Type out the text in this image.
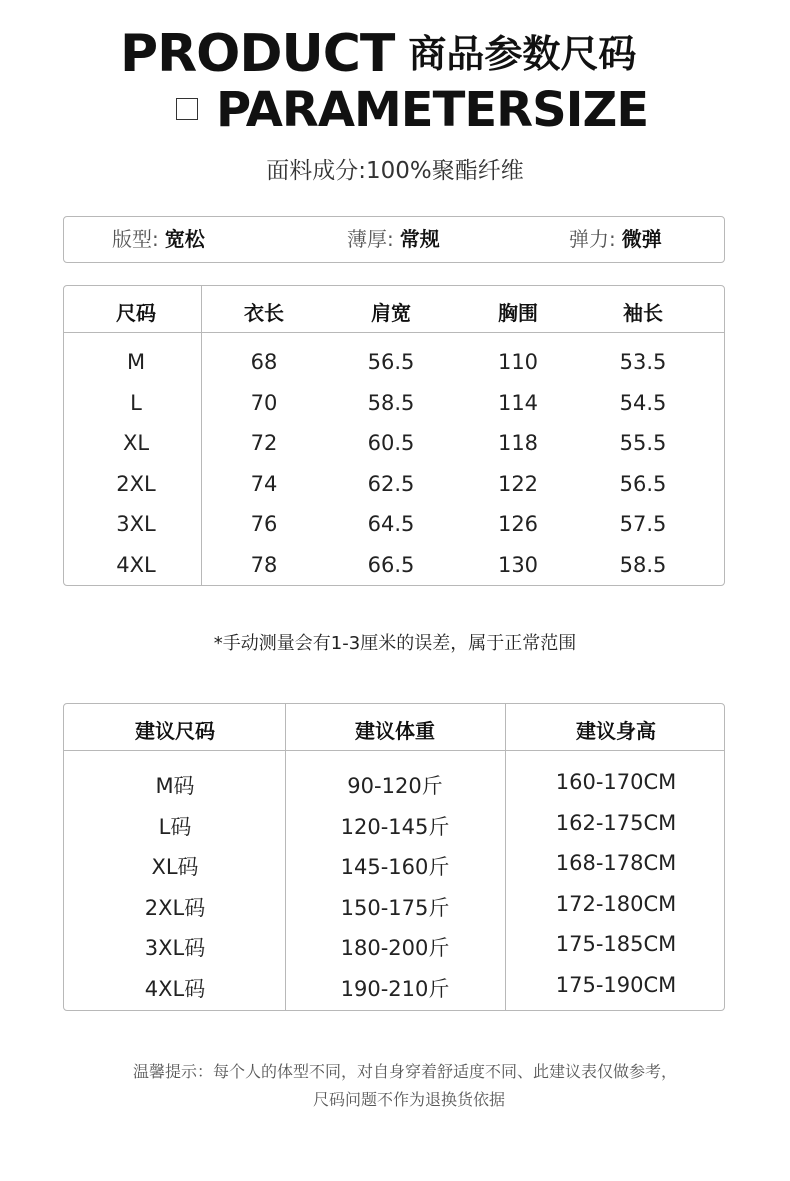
PRODUCT 商品参数尺码
PARAMETERSIZE
面料成分:100%聚酯纤维
版型: 宽松	薄厚: 常规	弹力: 微弹
尺码	衣长	肩宽	胸围	袖长
M	68	56.5	110	53.5
L	70	58.5	114	54.5
XL	72	60.5	118	55.5
2XL	74	62.5	122	56.5
3XL	76	64.5	126	57.5
4XL	78	66.5	130	58.5
*手动测量会有1-3厘米的误差，属于正常范围
建议尺码	建议体重	建议身高
M码	90-120斤	160-170CM
L码	120-145斤	162-175CM
XL码	145-160斤	168-178CM
2XL码	150-175斤	172-180CM
3XL码	180-200斤	175-185CM
4XL码	190-210斤	175-190CM
温馨提示：每个人的体型不同，对自身穿着舒适度不同、此建议表仅做参考，
尺码问题不作为退换货依据
